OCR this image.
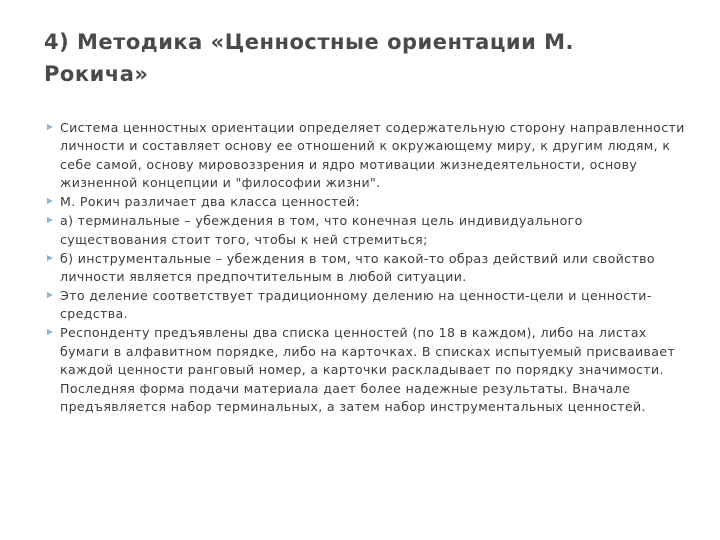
4) Методика «Ценностные ориентации М. Рокича»
Система ценностных ориентации определяет содержательную сторону направленности личности и составляет основу ее отношений к окружающему миру, к другим людям, к себе самой, основу мировоззрения и ядро мотивации жизнедеятельности, основу жизненной концепции и "философии жизни".
М. Рокич различает два класса ценностей:
а) терминальные – убеждения в том, что конечная цель индивидуального существования стоит того, чтобы к ней стремиться;
б) инструментальные – убеждения в том, что какой-то образ действий или свойство личности является предпочтительным в любой ситуации.
Это деление соответствует традиционному делению на ценности-цели и ценности-средства.
Респонденту предъявлены два списка ценностей (по 18 в каждом), либо на листах бумаги в алфавитном порядке, либо на карточках. В списках испытуемый присваивает каждой ценности ранговый номер, а карточки раскладывает по порядку значимости. Последняя форма подачи материала дает более надежные результаты. Вначале предъявляется набор терминальных, а затем набор инструментальных ценностей.
